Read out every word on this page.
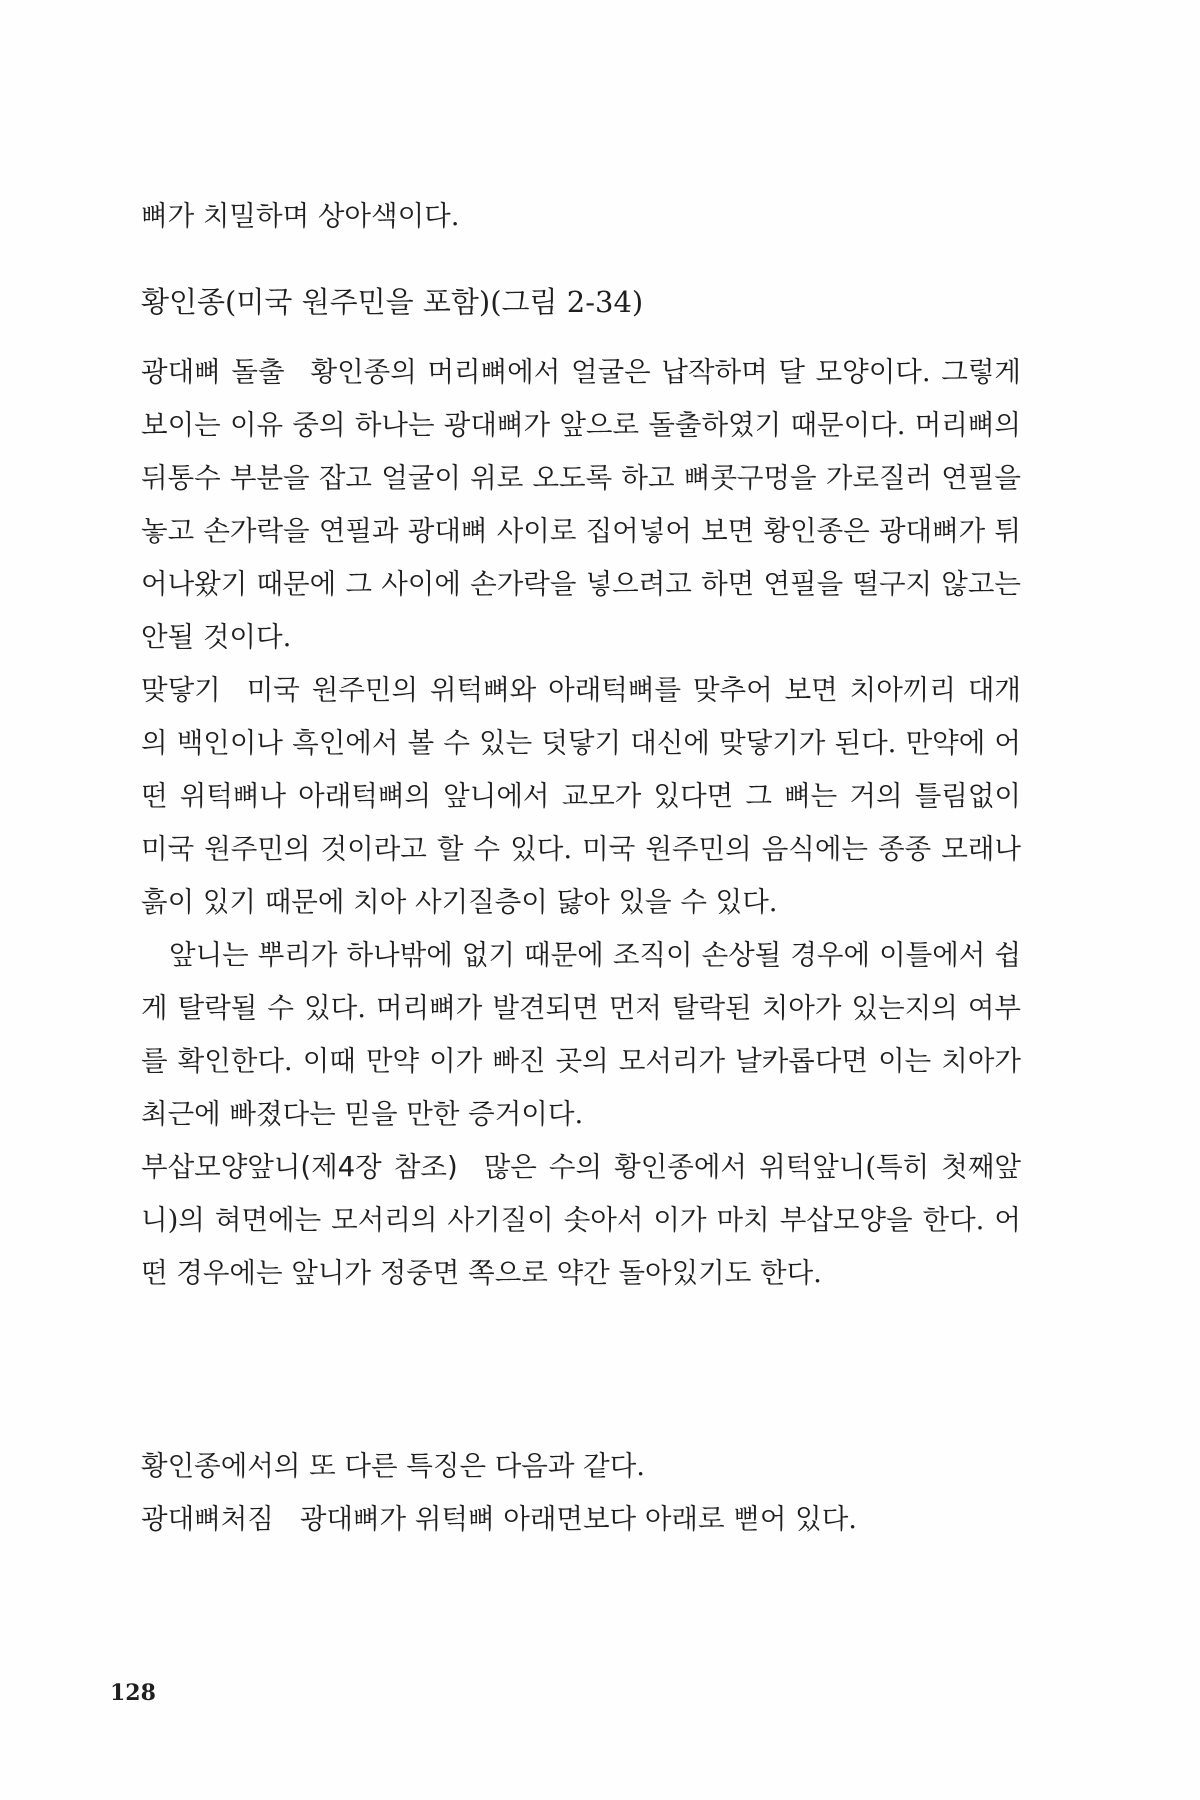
뼈가 치밀하며 상아색이다.
황인종(미국 원주민을 포함)(그림 2-34)

광대뼈 돌출 황인종의 머리뼈에서 얼굴은 납작하며 달 모양이다. 그렇게 보이는 이유 중의 하나는 광대뼈가 앞으로 돌출하였기 때문이다. 머리뼈의 뒤통수 부분을 잡고 얼굴이 위로 오도록 하고 뼈콧구멍을 가로질러 연필을 놓고 손가락을 연필과 광대뼈 사이로 집어넣어 보면 황인종은 광대뼈가 튀어나왔기 때문에 그 사이에 손가락을 넣으려고 하면 연필을 떨구지 않고는 안될 것이다.

맞닿기 미국 원주민의 위턱뼈와 아래턱뼈를 맞추어 보면 치아끼리 대개의 백인이나 흑인에서 볼 수 있는 덧닿기 대신에 맞닿기가 된다. 만약에 어떤 위턱뼈나 아래턱뼈의 앞니에서 교모가 있다면 그 뼈는 거의 틀림없이 미국 원주민의 것이라고 할 수 있다. 미국 원주민의 음식에는 종종 모래나 흙이 있기 때문에 치아 사기질층이 닳아 있을 수 있다.

앞니는 뿌리가 하나밖에 없기 때문에 조직이 손상될 경우에 이틀에서 쉽게 탈락될 수 있다. 머리뼈가 발견되면 먼저 탈락된 치아가 있는지의 여부를 확인한다. 이때 만약 이가 빠진 곳의 모서리가 날카롭다면 이는 치아가 최근에 빠졌다는 믿을 만한 증거이다.

부삽모양앞니(제4장 참조) 많은 수의 황인종에서 위턱앞니(특히 첫째앞니)의 혀면에는 모서리의 사기질이 솟아서 이가 마치 부삽모양을 한다. 어떤 경우에는 앞니가 정중면 쪽으로 약간 돌아있기도 한다.

황인종에서의 또 다른 특징은 다음과 같다.

광대뼈처짐 광대뼈가 위턱뼈 아래면보다 아래로 뻗어 있다.

128
